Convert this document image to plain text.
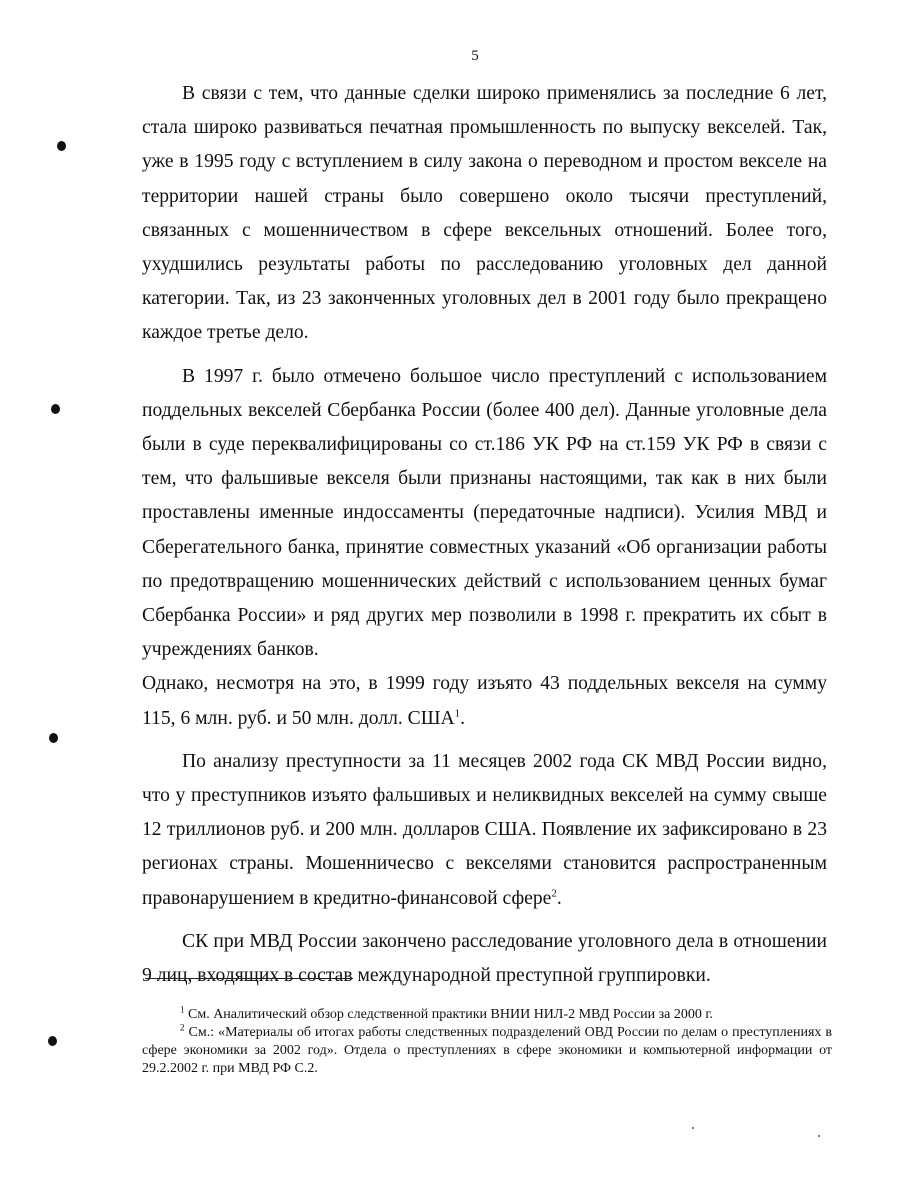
5

В связи с тем, что данные сделки широко применялись за последние 6 лет, стала широко развиваться печатная промышленность по выпуску векселей. Так, уже в 1995 году с вступлением в силу закона о переводном и простом векселе на территории нашей страны было совершено около тысячи преступлений, связанных с мошенничеством в сфере вексельных отношений. Более того, ухудшились результаты работы по расследованию уголовных дел данной категории. Так, из 23 законченных уголовных дел в 2001 году было прекращено каждое третье дело.

В 1997 г. было отмечено большое число преступлений с использованием поддельных векселей Сбербанка России (более 400 дел). Данные уголовные дела были в суде переквалифицированы со ст.186 УК РФ на ст.159 УК РФ в связи с тем, что фальшивые векселя были признаны настоящими, так как в них были проставлены именные индоссаменты (передаточные надписи). Усилия МВД и Сберегательного банка, принятие совместных указаний «Об организации работы по предотвращению мошеннических действий с использованием ценных бумаг Сбербанка России» и ряд других мер позволили в 1998 г. прекратить их сбыт в учреждениях банков.

Однако, несмотря на это, в 1999 году изъято 43 поддельных векселя на сумму 115, 6 млн. руб. и 50 млн. долл. США$^1$.

По анализу преступности за 11 месяцев 2002 года СК МВД России видно, что у преступников изъято фальшивых и неликвидных векселей на сумму свыше 12 триллионов руб. и 200 млн. долларов США. Появление их зафиксировано в 23 регионах страны. Мошенничесво с векселями становится распространенным правонарушением в кредитно-финансовой сфере$^2$.

СК при МВД России закончено расследование уголовного дела в отношении 9 лиц, входящих в состав международной преступной группировки.

$^1$ См. Аналитический обзор следственной практики ВНИИ НИЛ-2 МВД России за 2000 г.

$^2$ См.: «Материалы об итогах работы следственных подразделений ОВД России по делам о преступлениях в сфере экономики за 2002 год». Отдела о преступлениях в сфере экономики и компьютерной информации от 29.2.2002 г. при МВД РФ С.2.
